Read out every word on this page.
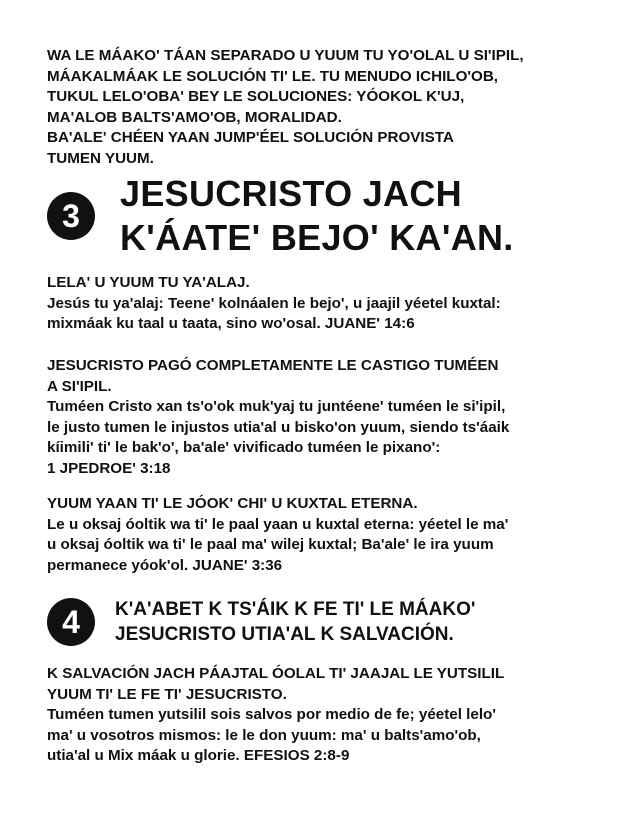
WA LE MÁAKO' TÁAN SEPARADO U YUUM TU YO'OLAL U SI'IPIL,
MÁAKALMÁAK LE SOLUCIÓN TI' LE. TU MENUDO ICHILO'OB,
TUKUL LELO'OBA' BEY LE SOLUCIONES: YÓOKOL K'UJ,
MA'ALOB BALTS'AMO'OB, MORALIDAD.
BA'ALE' CHÉEN YAAN JUMP'ÉEL SOLUCIÓN PROVISTA
TUMEN YUUM.
3
JESUCRISTO JACH
K'ÁATE' BEJO' KA'AN.
LELA' U YUUM TU YA'ALAJ.
Jesús tu ya'alaj: Teene' kolnáalen le bejo', u jaajil yéetel kuxtal:
mixmáak ku taal u taata, sino wo'osal. JUANE' 14:6
JESUCRISTO PAGÓ COMPLETAMENTE LE CASTIGO TUMÉEN
A SI'IPIL.
Tuméen Cristo xan ts'o'ok muk'yaj tu juntéene' tuméen le si'ipil,
le justo tumen le injustos utia'al u bisko'on yuum, siendo ts'áaik
kíimili' ti' le bak'o', ba'ale' vivificado tuméen le pixano':
1 JPEDROE' 3:18
YUUM YAAN TI' LE JÓOK' CHI' U KUXTAL ETERNA.
Le u oksaj óoltik wa ti' le paal yaan u kuxtal eterna: yéetel le ma'
u oksaj óoltik wa ti' le paal ma' wilej kuxtal; Ba'ale' le ira yuum
permanece yóok'ol. JUANE' 3:36
4	K'A'ABET K TS'ÁIK K FE TI' LE MÁAKO'
JESUCRISTO UTIA'AL K SALVACIÓN.
K SALVACIÓN JACH PÁAJTAL ÓOLAL TI' JAAJAL LE YUTSILIL
YUUM TI' LE FE TI' JESUCRISTO.
Tuméen tumen yutsilil sois salvos por medio de fe; yéetel lelo'
ma' u vosotros mismos: le le don yuum: ma' u balts'amo'ob,
utia'al u Mix máak u glorie. EFESIOS 2:8-9
